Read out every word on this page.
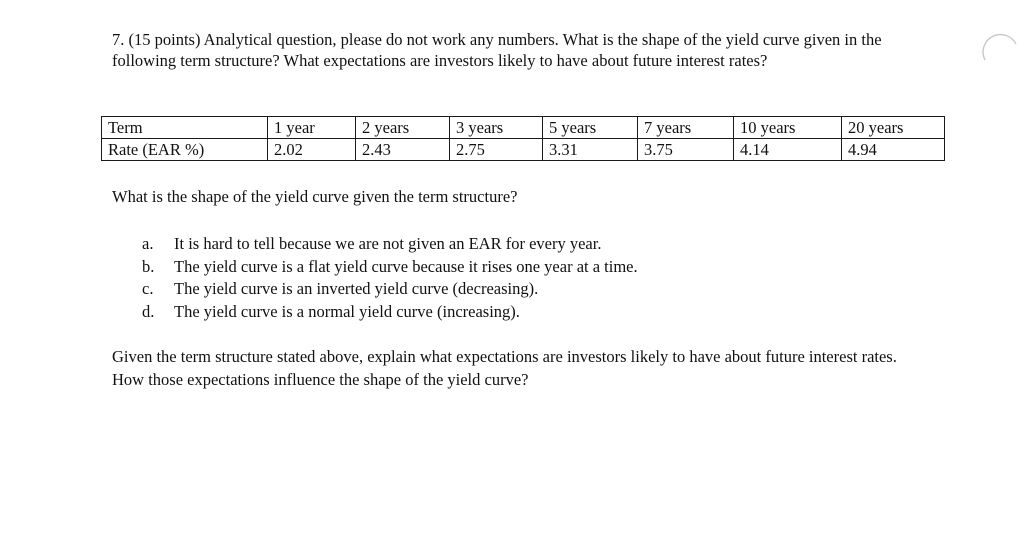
7. (15 points) Analytical question, please do not work any numbers. What is the shape of the yield curve given in the following term structure? What expectations are investors likely to have about future interest rates?
Term	1 year	2 years	3 years	5 years	7 years	10 years	20 years
Rate (EAR %)	2.02	2.43	2.75	3.31	3.75	4.14	4.94
What is the shape of the yield curve given the term structure?
a.	It is hard to tell because we are not given an EAR for every year.
b.	The yield curve is a flat yield curve because it rises one year at a time.
c.	The yield curve is an inverted yield curve (decreasing).
d.	The yield curve is a normal yield curve (increasing).
Given the term structure stated above, explain what expectations are investors likely to have about future interest rates. How those expectations influence the shape of the yield curve?
